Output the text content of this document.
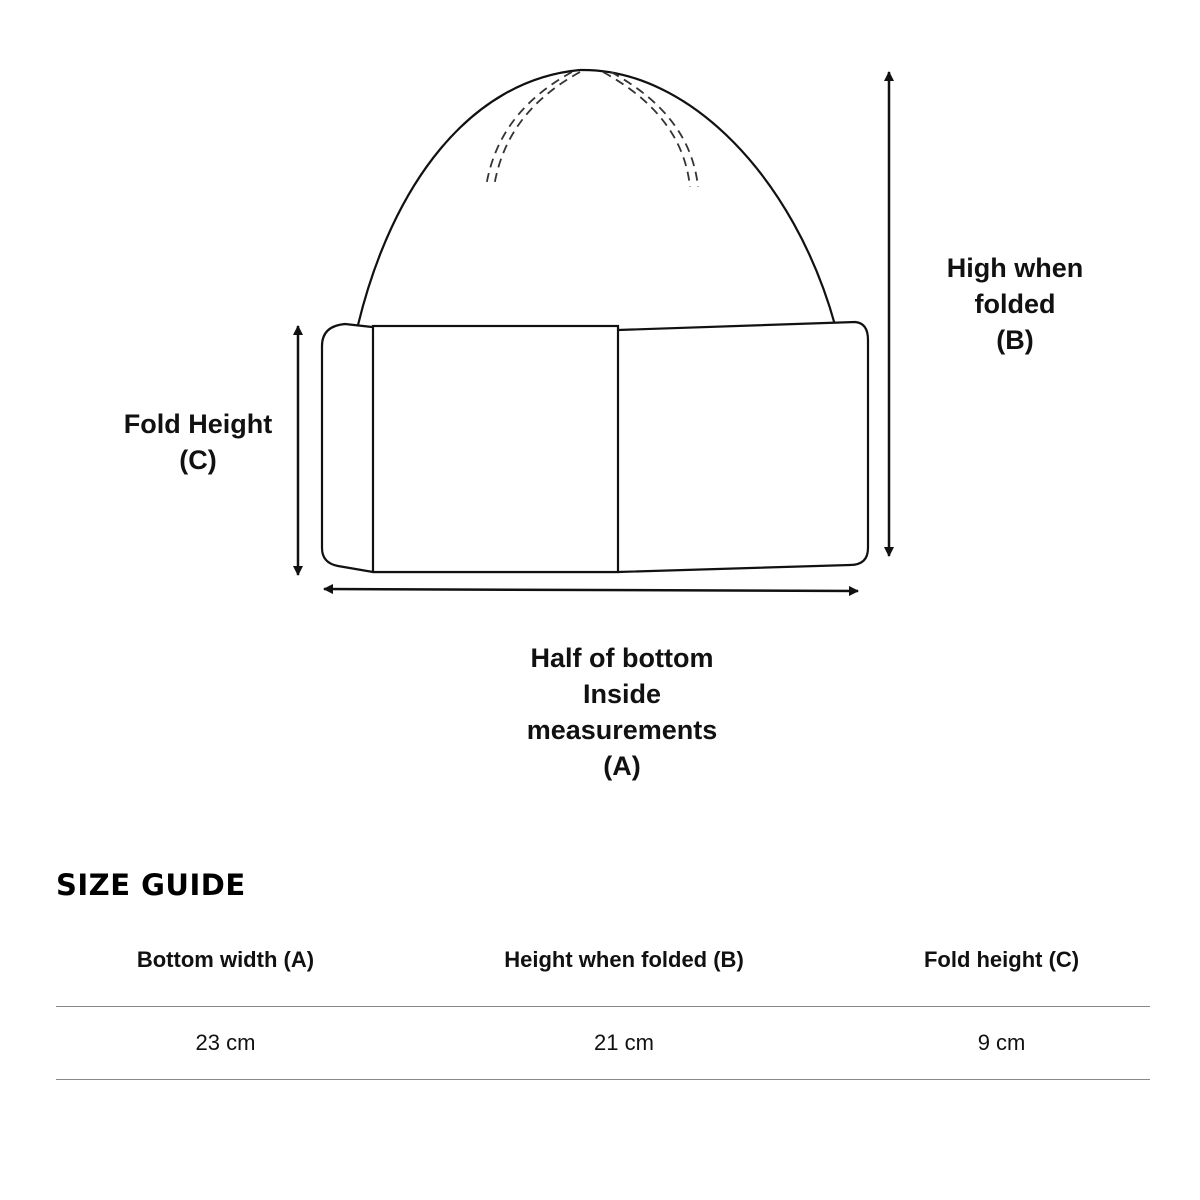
High when
folded
(B)
Fold Height
(C)
Half of bottom
Inside
measurements
(A)
SIZE GUIDE
Bottom width (A)	Height when folded (B)	Fold height (C)
23 cm	21 cm	9 cm
